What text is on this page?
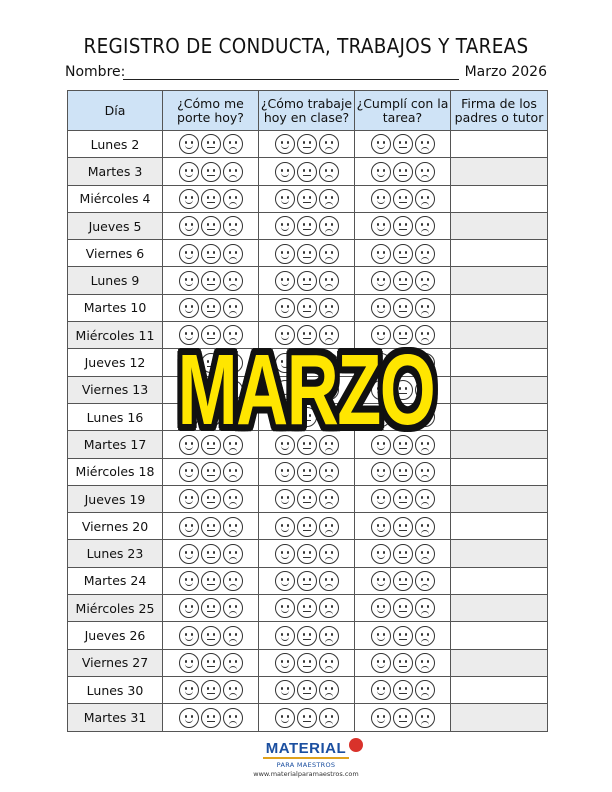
REGISTRO DE CONDUCTA, TRABAJOS Y TAREAS
Nombre:	Marzo 2026
Día	¿Cómo me porte hoy?	¿Cómo trabaje hoy en clase?	¿Cumplí con la tarea?	Firma de los padres o tutor
Lunes 2	

Martes 3	

Miércoles 4	

Jueves 5	

Viernes 6	

Lunes 9	

Martes 10	

Miércoles 11	

Jueves 12	

Viernes 13	

Lunes 16	

Martes 17	

Miércoles 18	

Jueves 19	

Viernes 20	

Lunes 23	

Martes 24	

Miércoles 25	

Jueves 26	

Viernes 27	

Lunes 30	

Martes 31	

MARZO
MATERIAL
PARA MAESTROS
www.materialparamaestros.com
